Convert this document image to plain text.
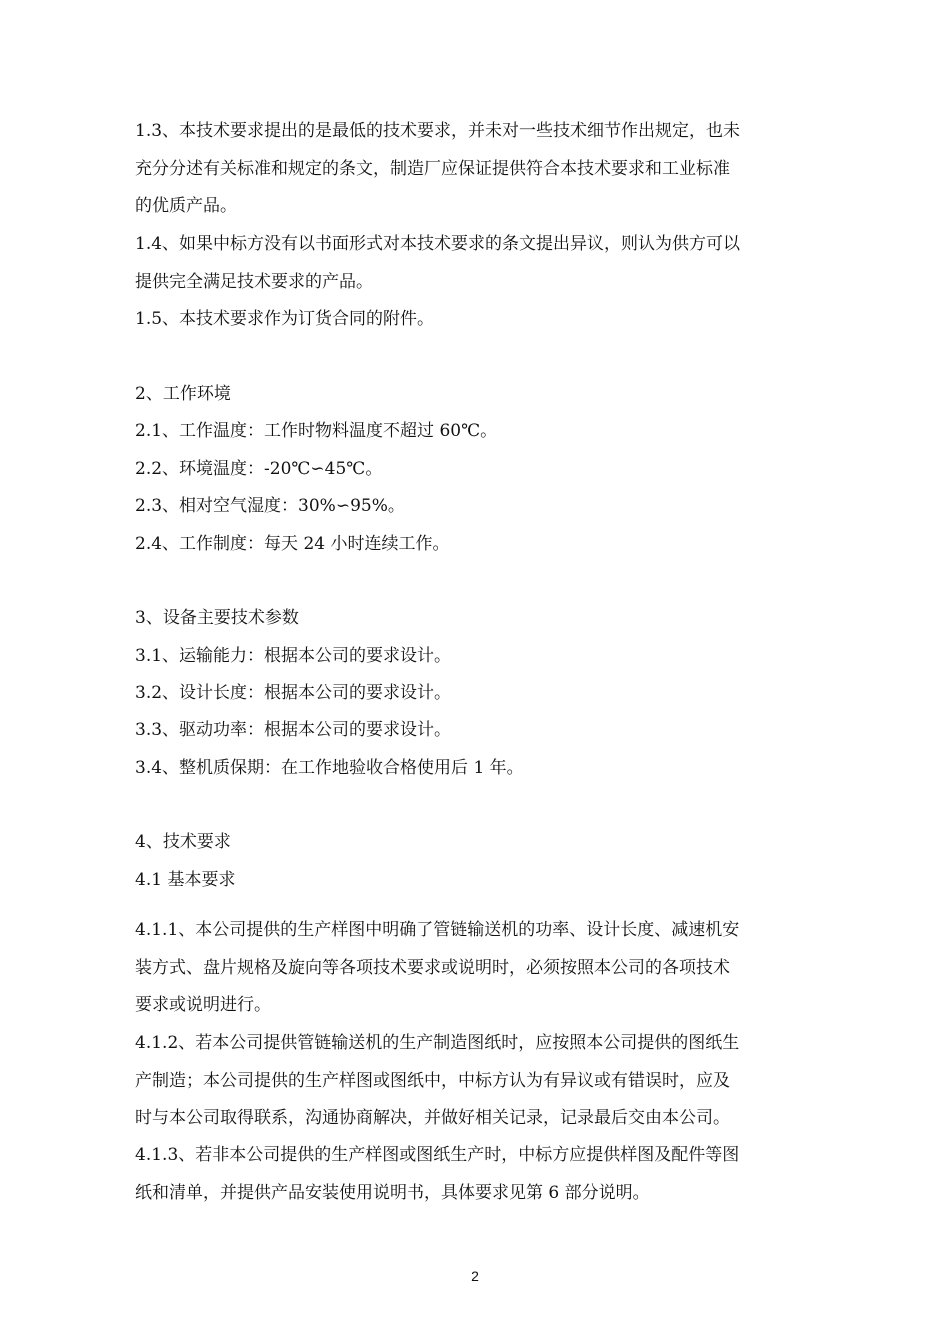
1.3、本技术要求提出的是最低的技术要求，并未对一些技术细节作出规定，也未
充分分述有关标准和规定的条文，制造厂应保证提供符合本技术要求和工业标准
的优质产品。
1.4、如果中标方没有以书面形式对本技术要求的条文提出异议，则认为供方可以
提供完全满足技术要求的产品。
1.5、本技术要求作为订货合同的附件。
2、工作环境
2.1、工作温度：工作时物料温度不超过 60℃。
2.2、环境温度：-20℃∽45℃。
2.3、相对空气湿度：30%∽95%。
2.4、工作制度：每天 24 小时连续工作。
3、设备主要技术参数
3.1、运输能力：根据本公司的要求设计。
3.2、设计长度：根据本公司的要求设计。
3.3、驱动功率：根据本公司的要求设计。
3.4、整机质保期：在工作地验收合格使用后 1 年。
4、技术要求
4.1 基本要求
4.1.1、本公司提供的生产样图中明确了管链输送机的功率、设计长度、减速机安
装方式、盘片规格及旋向等各项技术要求或说明时，必须按照本公司的各项技术
要求或说明进行。
4.1.2、若本公司提供管链输送机的生产制造图纸时，应按照本公司提供的图纸生
产制造；本公司提供的生产样图或图纸中，中标方认为有异议或有错误时，应及
时与本公司取得联系，沟通协商解决，并做好相关记录，记录最后交由本公司。
4.1.3、若非本公司提供的生产样图或图纸生产时，中标方应提供样图及配件等图
纸和清单，并提供产品安装使用说明书，具体要求见第 6 部分说明。
2
